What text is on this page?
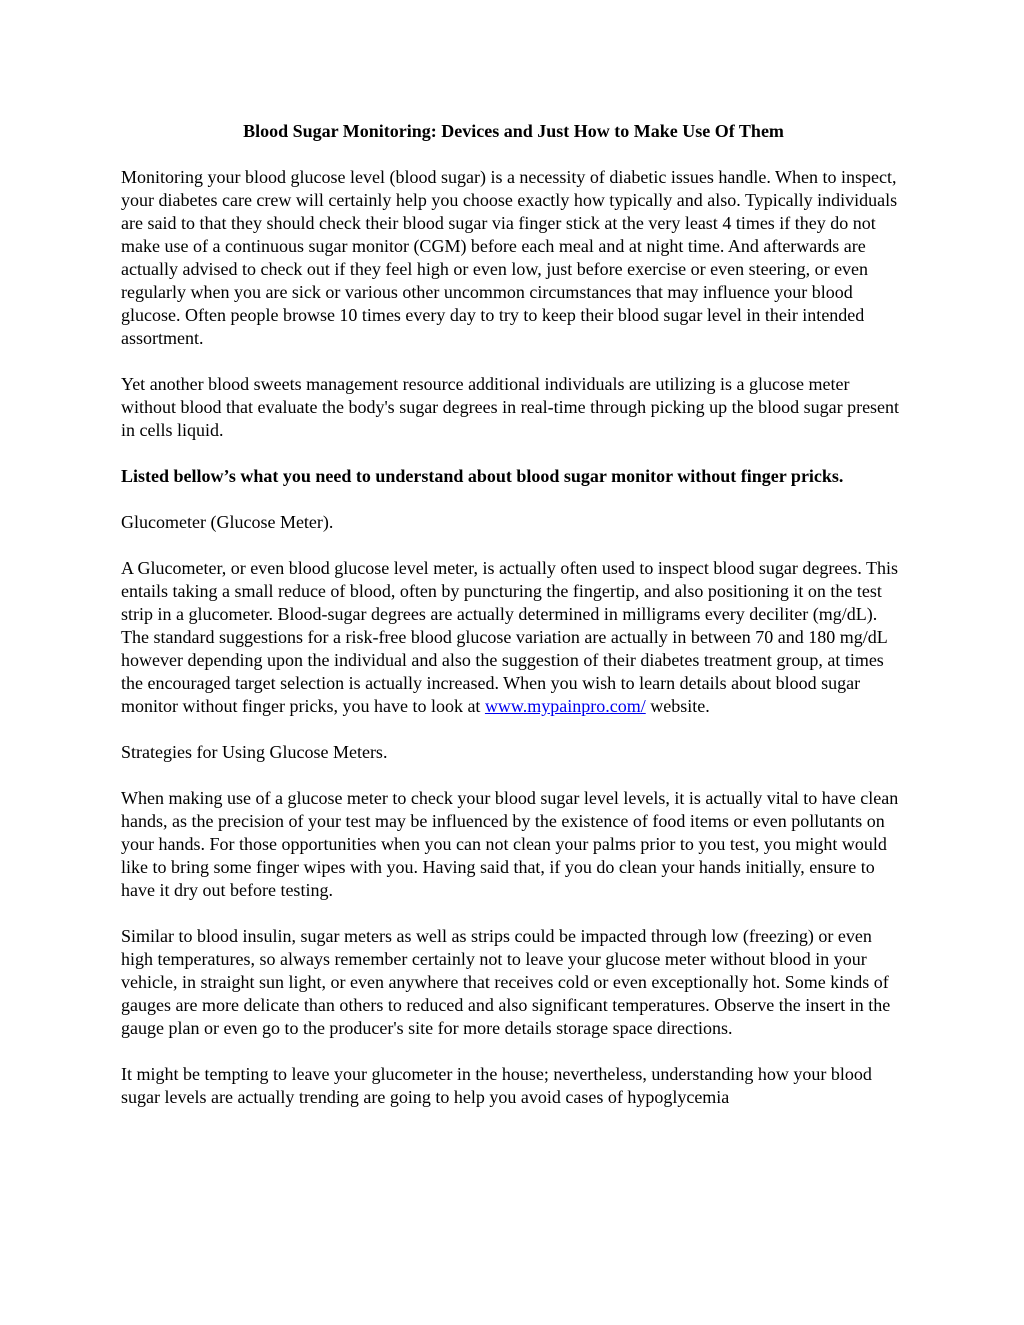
Blood Sugar Monitoring: Devices and Just How to Make Use Of Them

Monitoring your blood glucose level (blood sugar) is a necessity of diabetic issues handle. When to inspect, your diabetes care crew will certainly help you choose exactly how typically and also. Typically individuals are said to that they should check their blood sugar via finger stick at the very least 4 times if they do not make use of a continuous sugar monitor (CGM) before each meal and at night time. And afterwards are actually advised to check out if they feel high or even low, just before exercise or even steering, or even regularly when you are sick or various other uncommon circumstances that may influence your blood glucose. Often people browse 10 times every day to try to keep their blood sugar level in their intended assortment.

Yet another blood sweets management resource additional individuals are utilizing is a glucose meter without blood that evaluate the body's sugar degrees in real-time through picking up the blood sugar present in cells liquid.

Listed bellow’s what you need to understand about blood sugar monitor without finger pricks.

Glucometer (Glucose Meter).

A Glucometer, or even blood glucose level meter, is actually often used to inspect blood sugar degrees. This entails taking a small reduce of blood, often by puncturing the fingertip, and also positioning it on the test strip in a glucometer. Blood-sugar degrees are actually determined in milligrams every deciliter (mg/dL). The standard suggestions for a risk-free blood glucose variation are actually in between 70 and 180 mg/dL however depending upon the individual and also the suggestion of their diabetes treatment group, at times the encouraged target selection is actually increased. When you wish to learn details about blood sugar monitor without finger pricks, you have to look at www.mypainpro.com/ website.

Strategies for Using Glucose Meters.

When making use of a glucose meter to check your blood sugar level levels, it is actually vital to have clean hands, as the precision of your test may be influenced by the existence of food items or even pollutants on your hands. For those opportunities when you can not clean your palms prior to you test, you might would like to bring some finger wipes with you. Having said that, if you do clean your hands initially, ensure to have it dry out before testing.

Similar to blood insulin, sugar meters as well as strips could be impacted through low (freezing) or even high temperatures, so always remember certainly not to leave your glucose meter without blood in your vehicle, in straight sun light, or even anywhere that receives cold or even exceptionally hot. Some kinds of gauges are more delicate than others to reduced and also significant temperatures. Observe the insert in the gauge plan or even go to the producer's site for more details storage space directions.

It might be tempting to leave your glucometer in the house; nevertheless, understanding how your blood sugar levels are actually trending are going to help you avoid cases of hypoglycemia
